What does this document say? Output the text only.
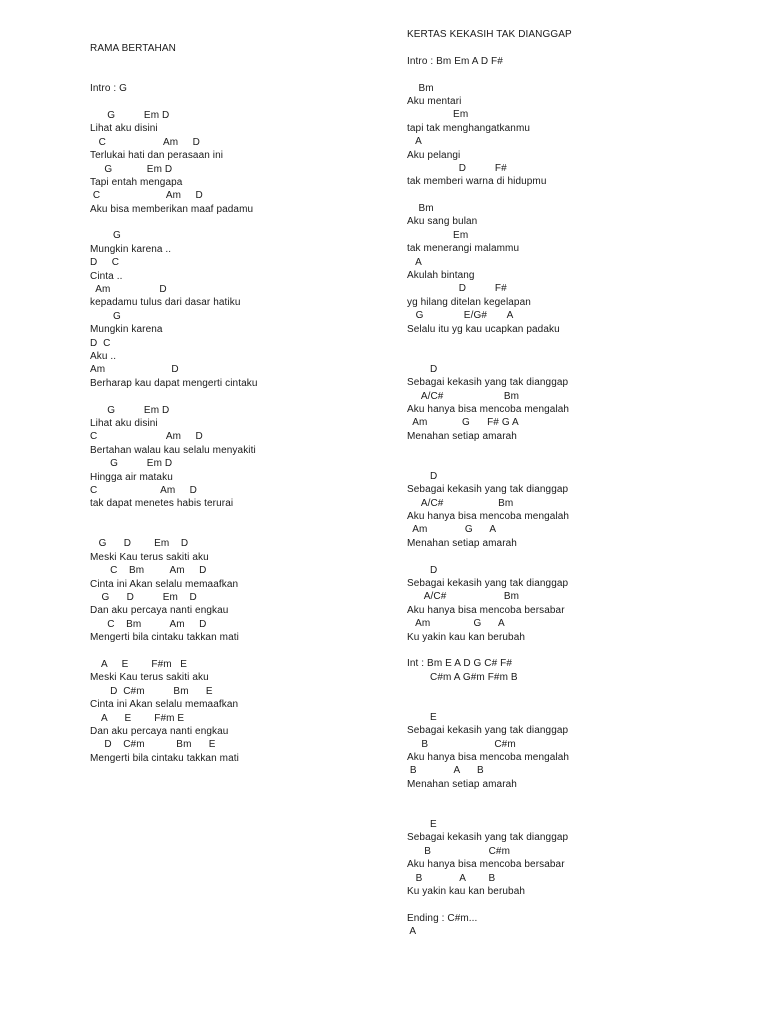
RAMA BERTAHAN
Intro : G
G          Em D
Lihat aku disini
C                    Am     D
Terlukai hati dan perasaan ini
G            Em D
Tapi entah mengapa
C                       Am     D
Aku bisa memberikan maaf padamu
G
Mungkin karena ..
D     C
Cinta ..
Am                 D
kepadamu tulus dari dasar hatiku
G
Mungkin karena
D  C
Aku ..
Am                       D
Berharap kau dapat mengerti cintaku
G          Em D
Lihat aku disini
C                        Am     D
Bertahan walau kau selalu menyakiti
G          Em D
Hingga air mataku
C                      Am     D
tak dapat menetes habis terurai
G      D        Em    D
Meski Kau terus sakiti aku
C    Bm         Am     D
Cinta ini Akan selalu memaafkan
G      D          Em    D
Dan aku percaya nanti engkau
C    Bm          Am     D
Mengerti bila cintaku takkan mati
A     E        F#m   E
Meski Kau terus sakiti aku
D  C#m          Bm      E
Cinta ini Akan selalu memaafkan
A      E        F#m E
Dan aku percaya nanti engkau
D    C#m           Bm      E
Mengerti bila cintaku takkan mati
KERTAS KEKASIH TAK DIANGGAP
Intro : Bm Em A D F#
Bm
Aku mentari
Em
tapi tak menghangatkanmu
A
Aku pelangi
D          F#
tak memberi warna di hidupmu
Bm
Aku sang bulan
Em
tak menerangi malammu
A
Akulah bintang
D          F#
yg hilang ditelan kegelapan
G              E/G#       A
Selalu itu yg kau ucapkan padaku
D
Sebagai kekasih yang tak dianggap
A/C#                     Bm
Aku hanya bisa mencoba mengalah
Am            G      F# G A
Menahan setiap amarah
D
Sebagai kekasih yang tak dianggap
A/C#                   Bm
Aku hanya bisa mencoba mengalah
Am             G      A
Menahan setiap amarah
D
Sebagai kekasih yang tak dianggap
A/C#                    Bm
Aku hanya bisa mencoba bersabar
Am               G      A
Ku yakin kau kan berubah
Int : Bm E A D G C# F#
C#m A G#m F#m B
E
Sebagai kekasih yang tak dianggap
B                       C#m
Aku hanya bisa mencoba mengalah
B             A      B
Menahan setiap amarah
E
Sebagai kekasih yang tak dianggap
B                    C#m
Aku hanya bisa mencoba bersabar
B             A        B
Ku yakin kau kan berubah
Ending : C#m...
A
